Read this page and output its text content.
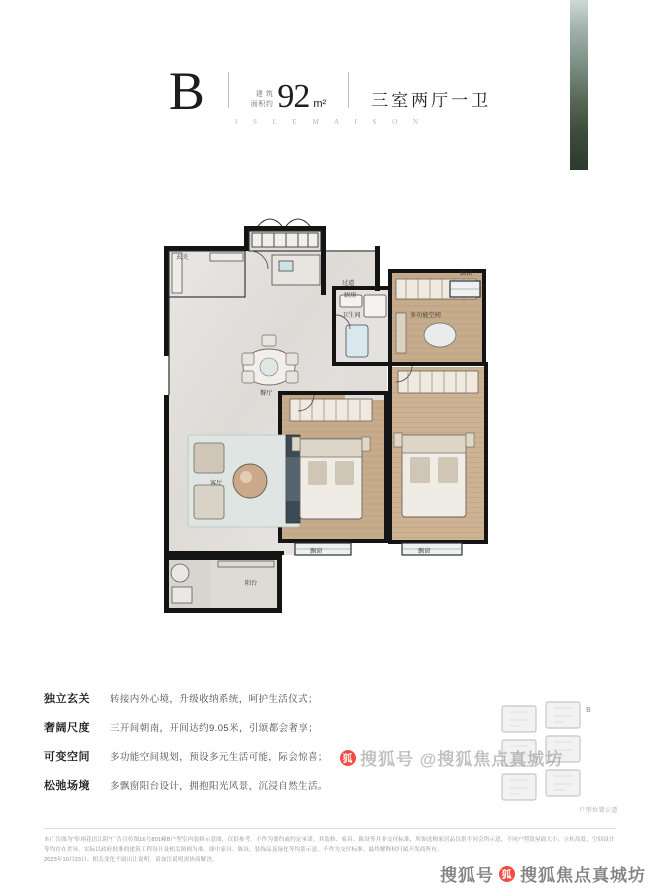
B	建 筑
面积约 92 m²	三室两厅一卫
I S L E M A I S O N
玄关
厨房
餐厅
客厅
阳台
过道
卫生间	多功能空间
飘窗
飘窗	飘窗
独立玄关	转接内外心境，升级收纳系统，呵护生活仪式；
奢阔尺度	三开间朝南，开间达约9.05米，引颂都会奢享；
可变空间	多功能空间规划，预设多元生活可能，际会惊喜；
松弛场境	多飘窗阳台设计，拥抱阳光风景，沉浸自然生活。
B
户型位置示意
本广告图为"彰翊花语江阴"广告宣传图16号801幢B户型室内装修示意图，仅供参考。不作为要约或约定承诺。其装修、家具、陈设等并非交付标准，所饰选购家居品仅供不同会所示意，不同户型款屋面大小、立柱高度、空间设计等均存在差异，实际以政府批准的建筑工程设计及相关图则为准。图中家具、陈设、装饰品及绿化等均系示意，不作为交付标准。最终解释权归属开发商所有。
2023年10月23日。相关变化不属出让说明，请加注说明需协商解决。
狐 搜狐号 @搜狐焦点真城坊
搜狐号 狐 搜狐焦点真城坊
